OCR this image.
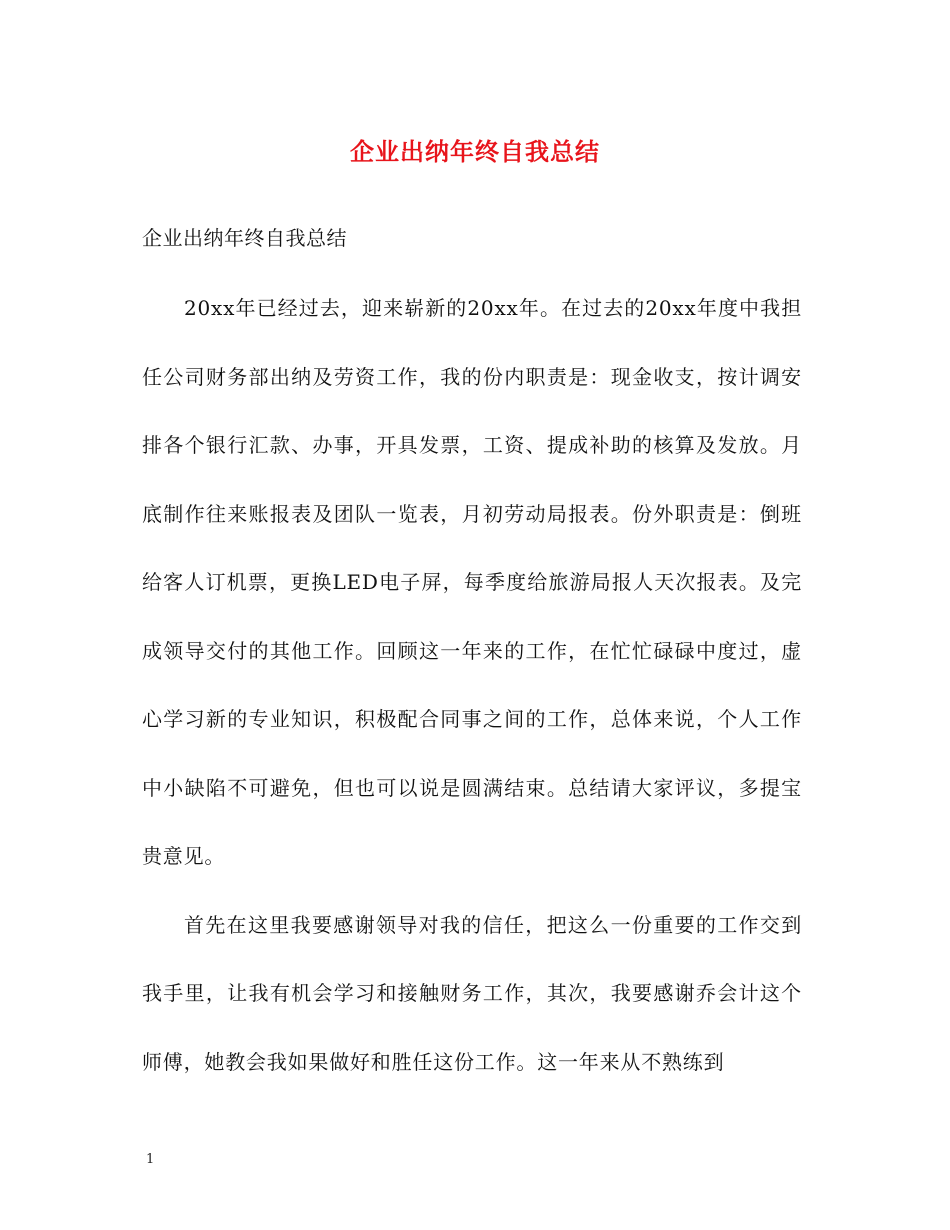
企业出纳年终自我总结
企业出纳年终自我总结

20xx年已经过去，迎来崭新的20xx年。在过去的20xx年度中我担任公司财务部出纳及劳资工作，我的份内职责是：现金收支，按计调安排各个银行汇款、办事，开具发票，工资、提成补助的核算及发放。月底制作往来账报表及团队一览表，月初劳动局报表。份外职责是：倒班给客人订机票，更换LED电子屏，每季度给旅游局报人天次报表。及完成领导交付的其他工作。回顾这一年来的工作，在忙忙碌碌中度过，虚心学习新的专业知识，积极配合同事之间的工作，总体来说，个人工作中小缺陷不可避免，但也可以说是圆满结束。总结请大家评议，多提宝贵意见。

首先在这里我要感谢领导对我的信任，把这么一份重要的工作交到我手里，让我有机会学习和接触财务工作，其次，我要感谢乔会计这个师傅，她教会我如果做好和胜任这份工作。这一年来从不熟练到

1
